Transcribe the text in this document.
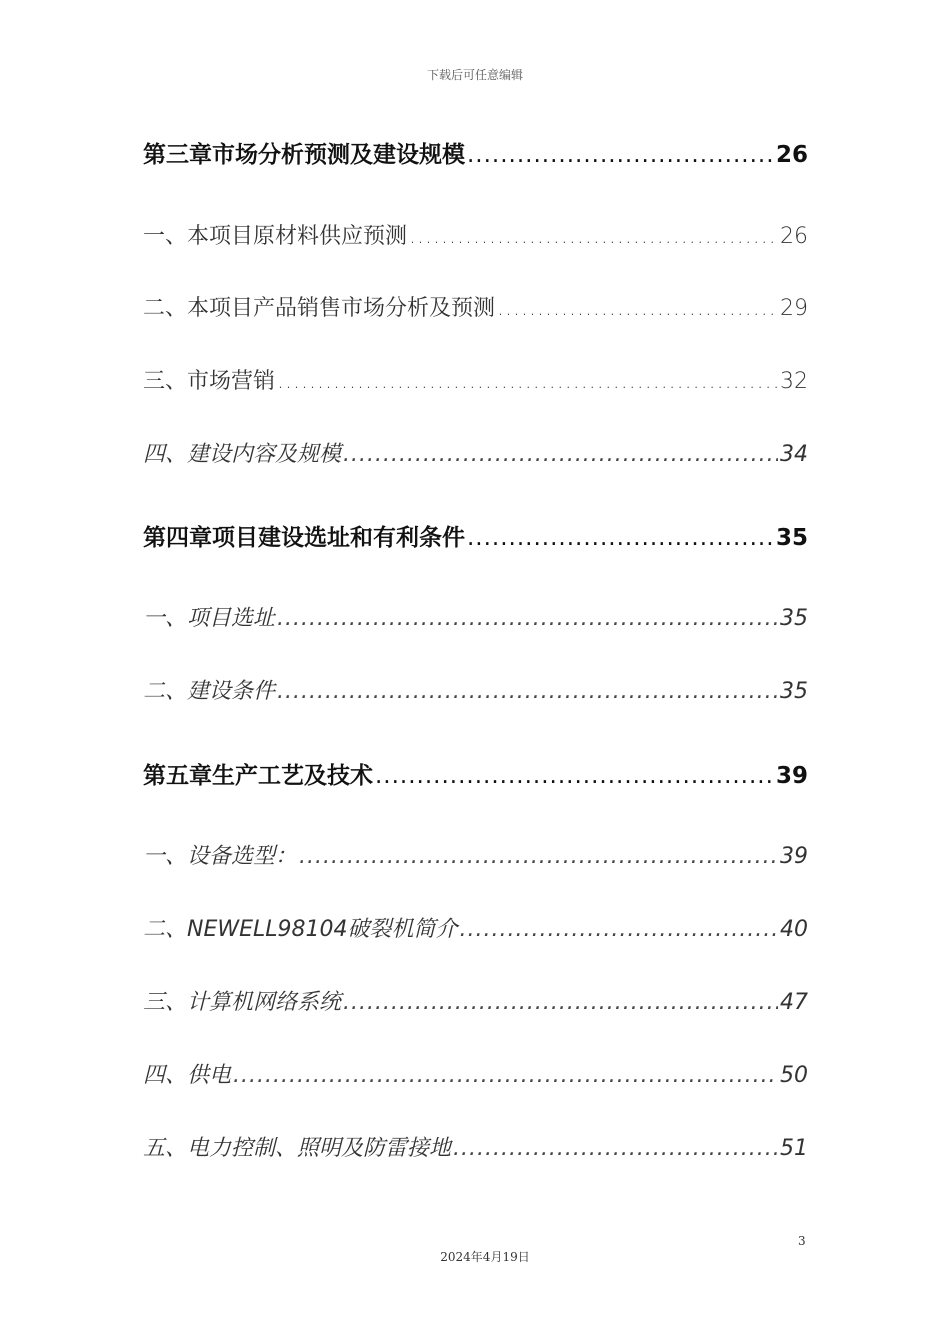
下载后可任意编辑
第三章市场分析预测及建设规模 .....	26
一、本项目原材料供应预测 .....	26
二、本项目产品销售市场分析及预测 .....	29
三、市场营销 .....	32
四、建设内容及规模 .....	34
第四章项目建设选址和有利条件 .....	35
一、项目选址 .....	35
二、建设条件 .....	35
第五章生产工艺及技术 .....	39
一、设备选型： .....	39
二、NEWELL98104破裂机简介 .....	40
三、计算机网络系统 .....	47
四、供电 .....	50
五、电力控制、照明及防雷接地 .....	51
3
2024年4月19日
